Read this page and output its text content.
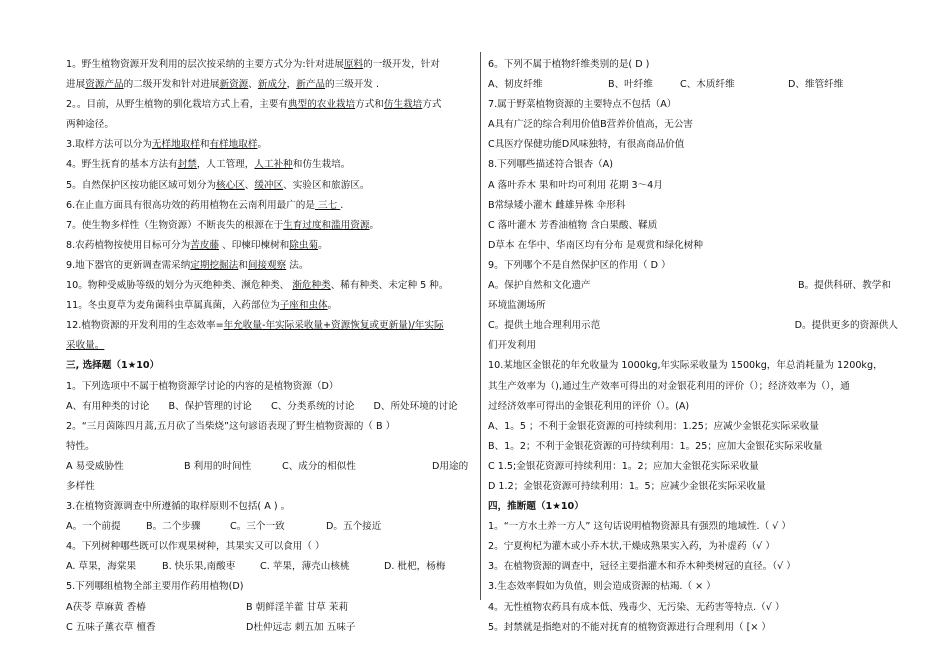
1。野生植物资源开发利用的层次按采纳的主要方式分为:针对进展原料的一级开发，针对
进展资源产品的二级开发和针对进展新资源、新成分，新产品的三级开发 .
2。。目前，从野生植物的驯化栽培方式上看，主要有典型的农业栽培方式和仿生栽培方式
两种途径。
3.取样方法可以分为无样地取样和有样地取样。
4。野生抚育的基本方法有封禁，人工管理，人工补种和仿生栽培。
5。自然保护区按功能区域可划分为核心区、缓冲区、实验区和旅游区。
6.在止血方面具有很高功效的药用植物在云南利用最广的是 三七 .
7。使生物多样性（生物资源）不断丧失的根源在于生育过度和滥用资源。
8.农药植物按使用目标可分为苦皮藤 、印楝印楝树和除虫菊。
9.地下器官的更新调查需采纳定期挖掘法和间接观察 法。
10。物种受威胁等级的划分为灭绝种类、濒危种类、 渐危种类、稀有种类、未定种 5 种。
11。冬虫夏草为麦角菌科虫草属真菌，入药部位为子座和虫体。
12.植物资源的开发利用的生态效率=年允收量-年实际采收量+资源恢复或更新量)/年实际
采收量。
三, 选择题（1★10）
1。下列选项中不属于植物资源学讨论的内容的是植物资源（D）
A、有用种类的讨论	B、保护管理的讨论	C、分类系统的讨论	D、所处环境的讨论
2。“三月茵陈四月蒿,五月砍了当柴烧”这句谚语表现了野生植物资源的（ B ）
特性。
A 易受威胁性	B 利用的时间性	C、成分的相似性	D用途的
多样性
3.在植物资源调查中所遵循的取样原则不包括( A ) 。
A。一个前提	B。二个步骤	C。三个一致	D。五个接近
4。下列树种哪些既可以作观果树种，其果实又可以食用（ ）
A. 草果，海棠果	B. 快乐果,南酸枣	C. 苹果，薄壳山核桃	D. 枇杷，杨梅
5.下列哪组植物全部主要用作药用植物(D)
A茯苓 草麻黄 香椿	B 朝鲜淫羊藿 甘草 茉莉
C 五味子薰衣草 檀香	D杜仲远志 刺五加 五味子
6。下列不属于植物纤维类别的是( D )
A、韧皮纤维	B、叶纤维	C、木质纤维	D、维管纤维
7.属于野菜植物资源的主要特点不包括（A）
A具有广泛的综合利用价值B营养价值高，无公害
C具医疗保健功能D风味独特，有很高商品价值
8.下列哪些描述符合银杏（A)
A 落叶乔木 果和叶均可利用 花期 3～4月
B常绿矮小灌木 雌雄异株 伞形科
C 落叶灌木 芳香油植物 含白果酸、鞣质
D草本 在华中、华南区均有分布 是观赏和绿化树种
9。下列哪个不是自然保护区的作用（ D ）
A。保护自然和文化遗产	B。提供科研、教学和
环境监测场所
C。提供土地合理利用示范	D。提供更多的资源供人
们开发利用
10.某地区金银花的年允收量为 1000kg,年实际采收量为 1500kg，年总消耗量为 1200kg，
其生产效率为（),通过生产效率可得出的对金银花利用的评价（）；经济效率为（），通
过经济效率可得出的金银花利用的评价（）。(A)
A、1。5 ；不利于金银花资源的可持续利用：1.25；应减少金银花实际采收量
B、1。2；不利于金银花资源的可持续利用：1。25；应加大金银花实际采收量
C 1.5;金银花资源可持续利用：1。2；应加大金银花实际采收量
D 1.2；金银花资源可持续利用：1。5；应减少金银花实际采收量
四，推断题（1★10）
1。“一方水土养一方人” 这句话说明植物资源具有强烈的地域性.（ √ ）
2。宁夏枸杞为灌木或小乔木状,干燥成熟果实入药，为补虚药（√ ）
3。在植物资源的调查中，冠径主要指灌木和乔木种类树冠的直径。（√ ）
3.生态效率假如为负值，则会造成资源的枯竭.（ × ）
4。无性植物农药具有成本低、残毒少、无污染、无药害等特点.（√ ）
5。封禁就是指绝对的不能对抚育的植物资源进行合理利用（ [× ）
